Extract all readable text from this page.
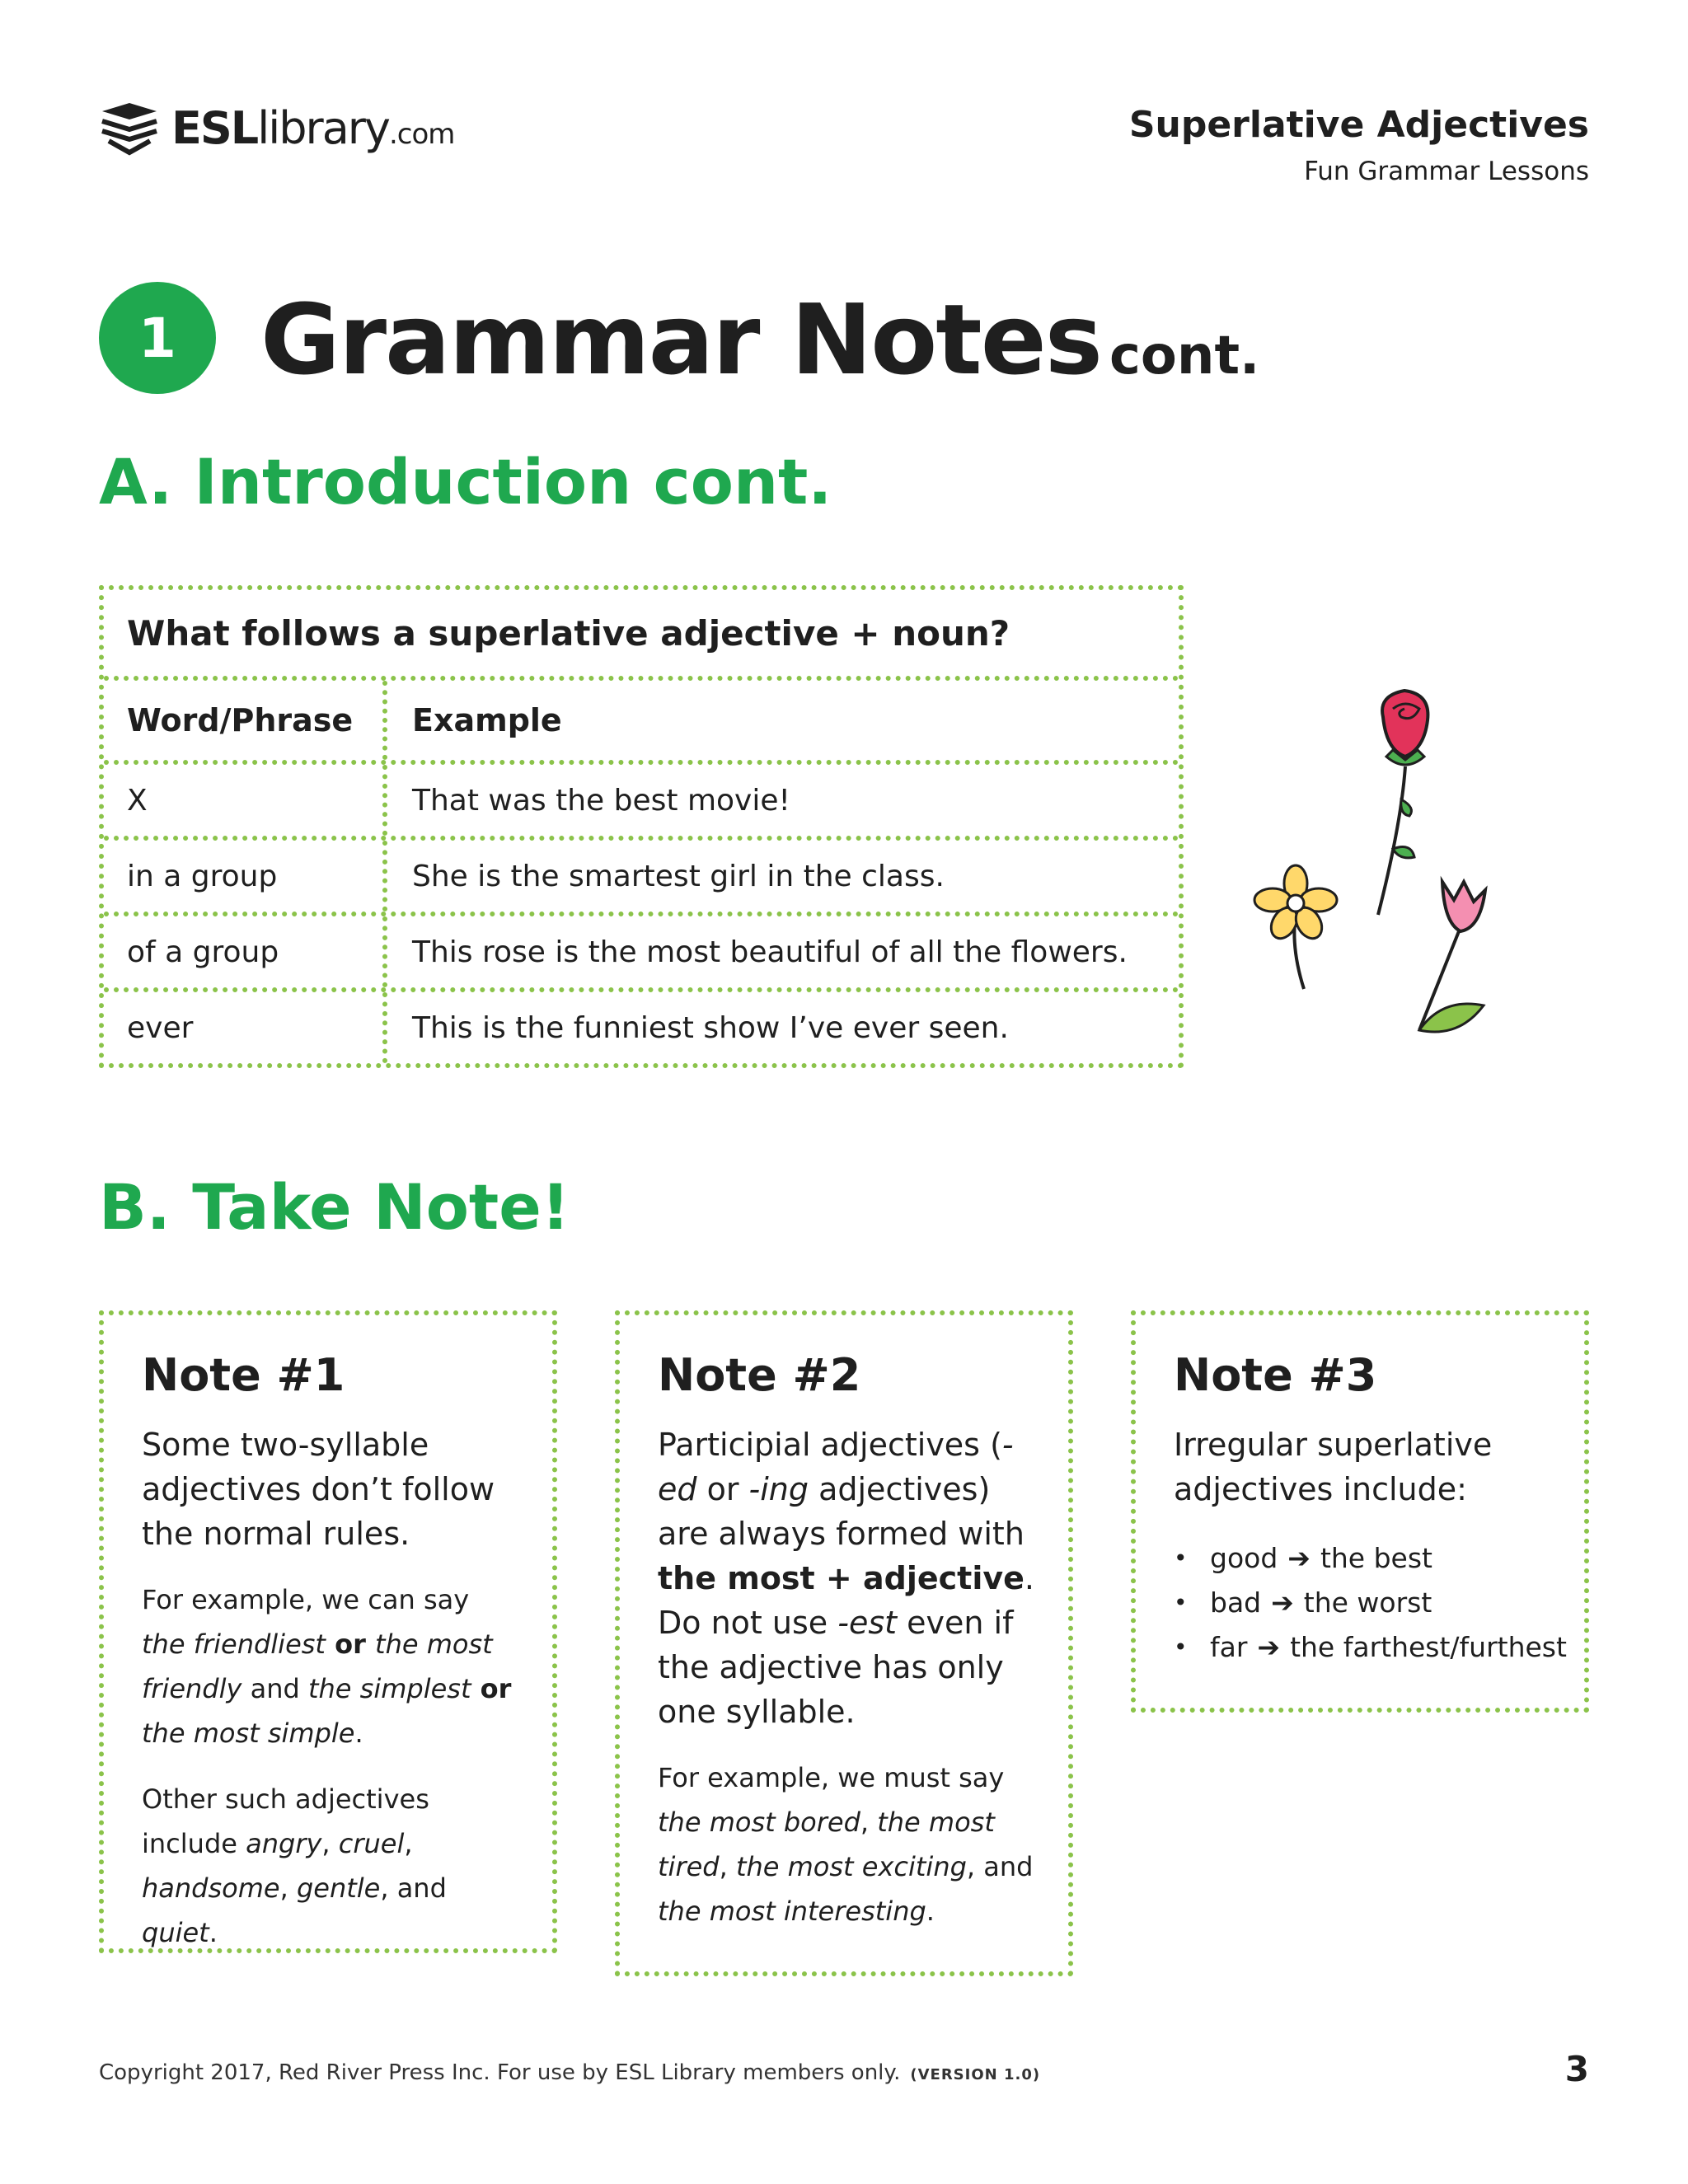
ESLlibrary.com	Superlative Adjectives
Fun Grammar Lessons
1 Grammar Notes cont.
A. Introduction cont.
What follows a superlative adjective + noun?
Word/Phrase	Example
X	That was the best movie!
in a group	She is the smartest girl in the class.
of a group	This rose is the most beautiful of all the flowers.
ever	This is the funniest show I’ve ever seen.
B. Take Note!
Note #1

Some two-syllable adjectives don’t follow the normal rules.

For example, we can say the friendliest or the most friendly and the simplest or the most simple.

Other such adjectives include angry, cruel, handsome, gentle, and quiet.

Note #2

Participial adjectives (-ed or -ing adjectives) are always formed with the most + adjective. Do not use -est even if the adjective has only one syllable.

For example, we must say the most bored, the most tired, the most exciting, and the most interesting.

Note #3

Irregular superlative adjectives include:

• good ➔ the best
• bad ➔ the worst
• far ➔ the farthest/furthest
Copyright 2017, Red River Press Inc. For use by ESL Library members only. (VERSION 1.0)	3
